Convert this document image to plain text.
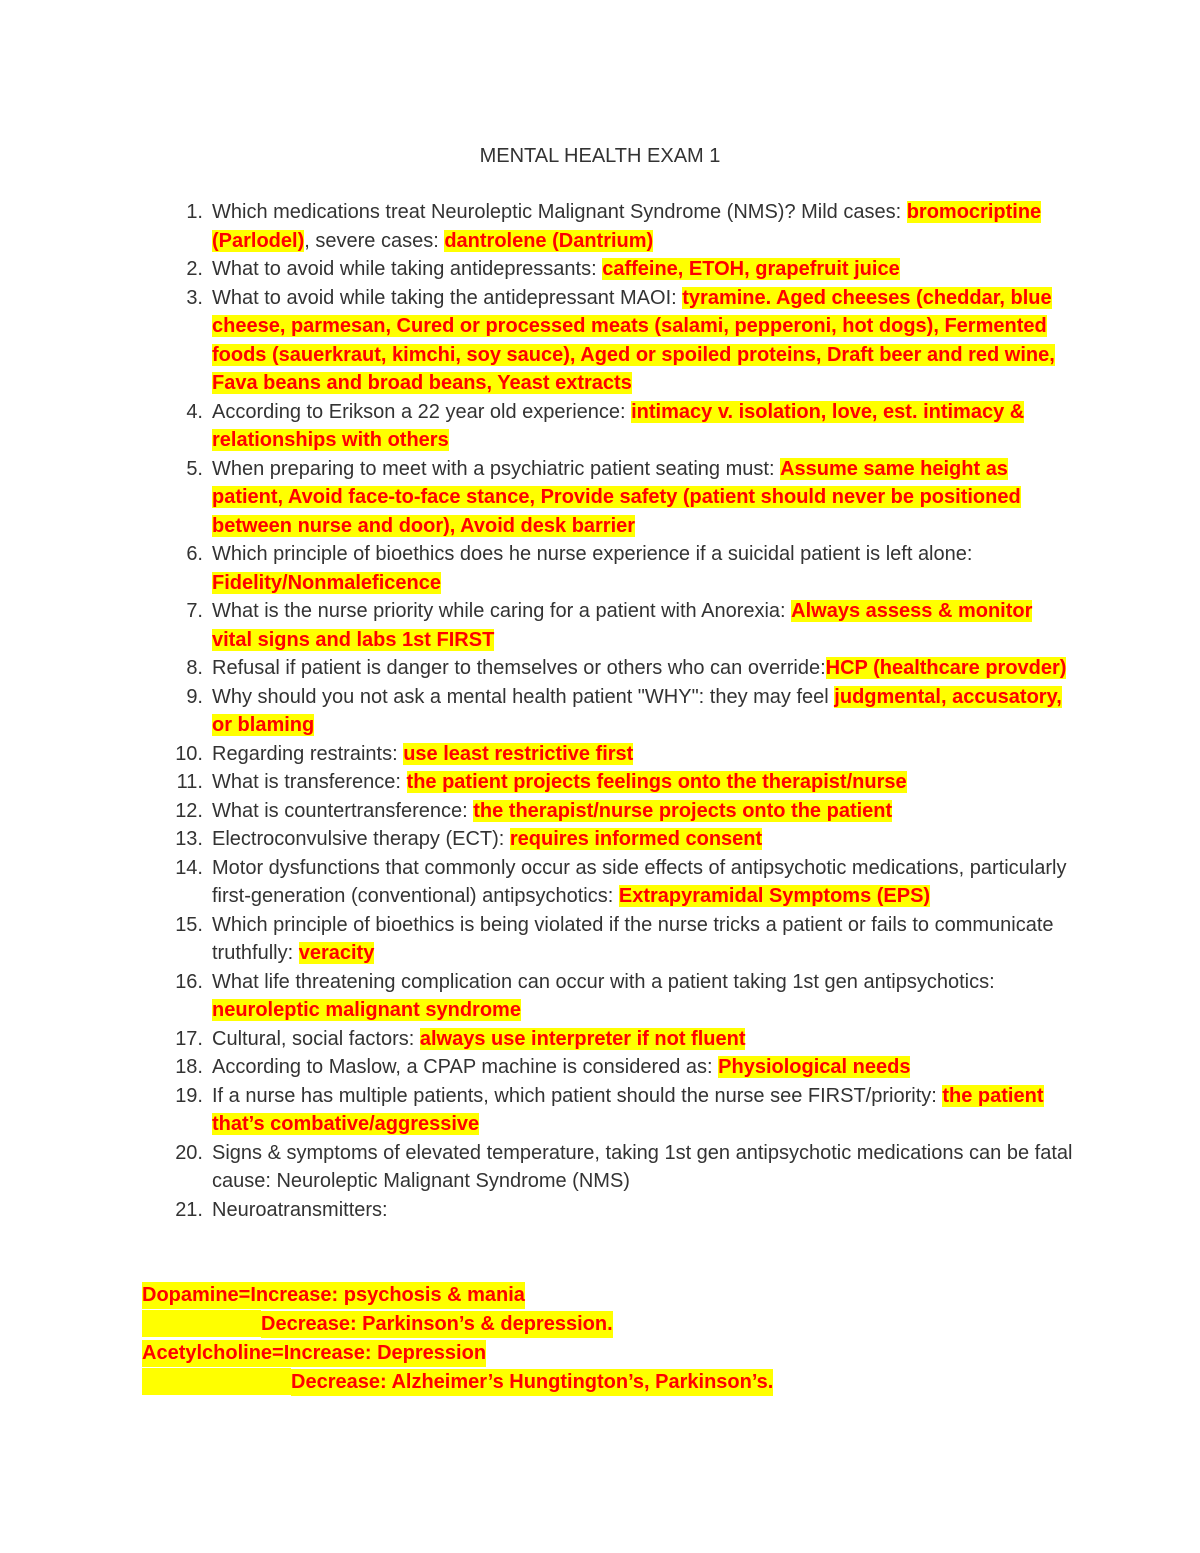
MENTAL HEALTH EXAM 1
1. Which medications treat Neuroleptic Malignant Syndrome (NMS)? Mild cases: bromocriptine (Parlodel), severe cases: dantrolene (Dantrium)
2. What to avoid while taking antidepressants: caffeine, ETOH, grapefruit juice
3. What to avoid while taking the antidepressant MAOI: tyramine. Aged cheeses (cheddar, blue cheese, parmesan, Cured or processed meats (salami, pepperoni, hot dogs), Fermented foods (sauerkraut, kimchi, soy sauce), Aged or spoiled proteins, Draft beer and red wine, Fava beans and broad beans, Yeast extracts
4. According to Erikson a 22 year old experience: intimacy v. isolation, love, est. intimacy & relationships with others
5. When preparing to meet with a psychiatric patient seating must: Assume same height as patient, Avoid face-to-face stance, Provide safety (patient should never be positioned between nurse and door), Avoid desk barrier
6. Which principle of bioethics does he nurse experience if a suicidal patient is left alone: Fidelity/Nonmaleficence
7. What is the nurse priority while caring for a patient with Anorexia: Always assess & monitor vital signs and labs 1st FIRST
8. Refusal if patient is danger to themselves or others who can override:HCP (healthcare provder)
9. Why should you not ask a mental health patient "WHY": they may feel judgmental, accusatory, or blaming
10. Regarding restraints: use least restrictive first
11. What is transference: the patient projects feelings onto the therapist/nurse
12. What is countertransference: the therapist/nurse projects onto the patient
13. Electroconvulsive therapy (ECT): requires informed consent
14. Motor dysfunctions that commonly occur as side effects of antipsychotic medications, particularly first-generation (conventional) antipsychotics: Extrapyramidal Symptoms (EPS)
15. Which principle of bioethics is being violated if the nurse tricks a patient or fails to communicate truthfully: veracity
16. What life threatening complication can occur with a patient taking 1st gen antipsychotics: neuroleptic malignant syndrome
17. Cultural, social factors: always use interpreter if not fluent
18. According to Maslow, a CPAP machine is considered as: Physiological needs
19. If a nurse has multiple patients, which patient should the nurse see FIRST/priority: the patient that’s combative/aggressive
20. Signs & symptoms of elevated temperature, taking 1st gen antipsychotic medications can be fatal cause: Neuroleptic Malignant Syndrome (NMS)
21. Neuroatransmitters:
Dopamine=Increase: psychosis & mania
Decrease: Parkinson’s & depression.
Acetylcholine=Increase: Depression
Decrease: Alzheimer’s Hungtington’s, Parkinson’s.
